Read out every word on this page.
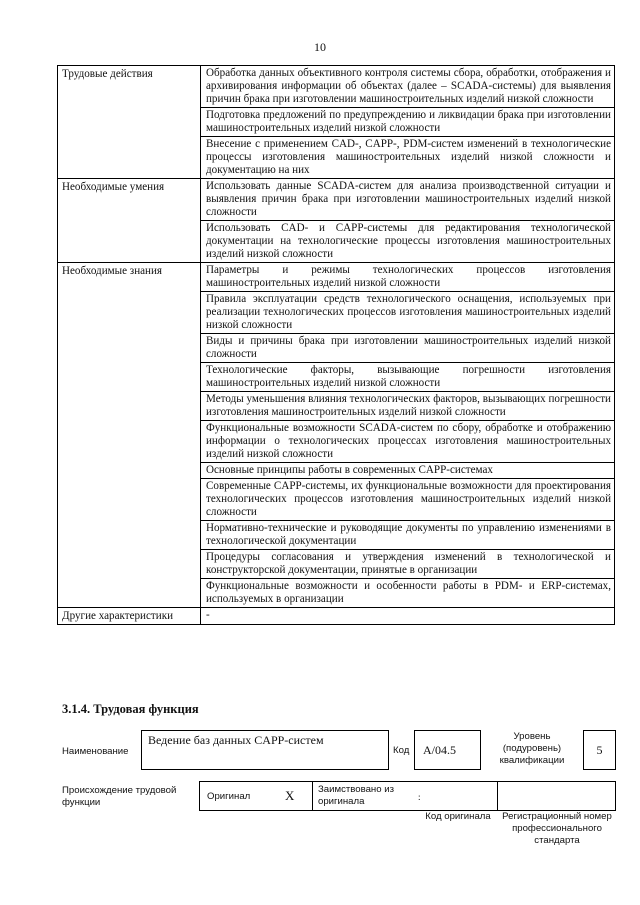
10
Трудовые действия	Обработка данных объективного контроля системы сбора, обработки, отображения и архивирования информации об объектах (далее – SCADA-системы) для выявления причин брака при изготовлении машиностроительных изделий низкой сложности
	Подготовка предложений по предупреждению и ликвидации брака при изготовлении машиностроительных изделий низкой сложности
	Внесение с применением CAD-, CAPP-, PDM-систем изменений в технологические процессы изготовления машиностроительных изделий низкой сложности и документацию на них
Необходимые умения	Использовать данные SCADA-систем для анализа производственной ситуации и выявления причин брака при изготовлении машиностроительных изделий низкой сложности
	Использовать CAD- и CAPP-системы для редактирования технологической документации на технологические процессы изготовления машиностроительных изделий низкой сложности
Необходимые знания	Параметры и режимы технологических процессов изготовления машиностроительных изделий низкой сложности
	Правила эксплуатации средств технологического оснащения, используемых при реализации технологических процессов изготовления машиностроительных изделий низкой сложности
	Виды и причины брака при изготовлении машиностроительных изделий низкой сложности
	Технологические факторы, вызывающие погрешности изготовления машиностроительных изделий низкой сложности
	Методы уменьшения влияния технологических факторов, вызывающих погрешности изготовления машиностроительных изделий низкой сложности
	Функциональные возможности SCADA-систем по сбору, обработке и отображению информации о технологических процессах изготовления машиностроительных изделий низкой сложности
	Основные принципы работы в современных CAPP-системах
	Современные CAPP-системы, их функциональные возможности для проектирования технологических процессов изготовления машиностроительных изделий низкой сложности
	Нормативно-технические и руководящие документы по управлению изменениями в технологической документации
	Процедуры согласования и утверждения изменений в технологической и конструкторской документации, принятые в организации
	Функциональные возможности и особенности работы в PDM- и ERP-системах, используемых в организации
Другие характеристики	-
3.1.4. Трудовая функция
Наименование
Ведение баз данных CAPP-систем
Код A/04.5
Уровень (подуровень) квалификации
5
Происхождение трудовой функции
Оригинал	X Заимствовано из оригинала	:
Код оригинала	Регистрационный номер профессионального стандарта
